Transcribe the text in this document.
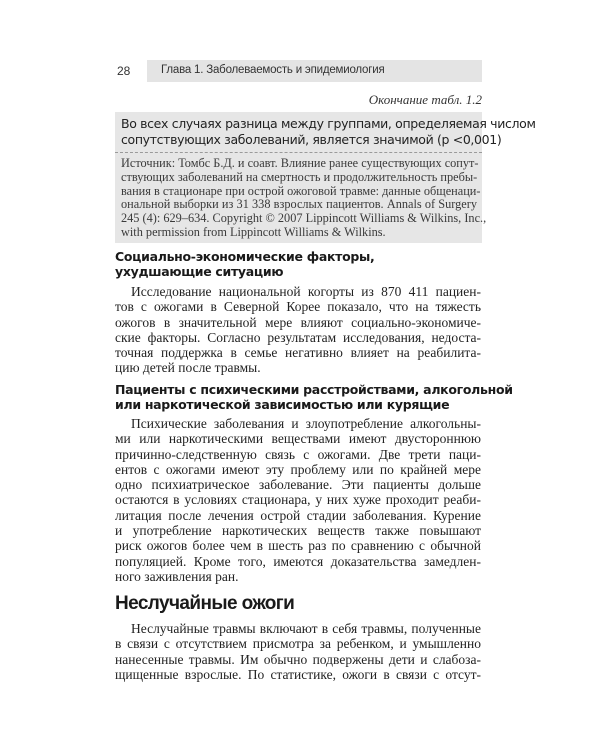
28	Глава 1. Заболеваемость и эпидемиология
Окончание табл. 1.2
Во всех случаях разница между группами, определяемая числом
сопутствующих заболеваний, является значимой (p <0,001)
Источник: Томбс Б.Д. и соавт. Влияние ранее существующих сопут-
ствующих заболеваний на смертность и продолжительность пребы-
вания в стационаре при острой ожоговой травме: данные общенаци-
ональной выборки из 31 338 взрослых пациентов. Annals of Surgery
245 (4): 629–634. Copyright © 2007 Lippincott Williams & Wilkins, Inc.,
with permission from Lippincott Williams & Wilkins.
Социально-экономические факторы,
ухудшающие ситуацию
Исследование национальной когорты из 870 411 пациен-
тов с ожогами в Северной Корее показало, что на тяжесть
ожогов в значительной мере влияют социально-экономиче-
ские факторы. Согласно результатам исследования, недоста-
точная поддержка в семье негативно влияет на реабилита-
цию детей после травмы.
Пациенты с психическими расстройствами, алкогольной
или наркотической зависимостью или курящие
Психические заболевания и злоупотребление алкогольны-
ми или наркотическими веществами имеют двустороннюю
причинно-следственную связь с ожогами. Две трети паци-
ентов с ожогами имеют эту проблему или по крайней мере
одно психиатрическое заболевание. Эти пациенты дольше
остаются в условиях стационара, у них хуже проходит реаби-
литация после лечения острой стадии заболевания. Курение
и употребление наркотических веществ также повышают
риск ожогов более чем в шесть раз по сравнению с обычной
популяцией. Кроме того, имеются доказательства замедлен-
ного заживления ран.
Неслучайные ожоги
Неслучайные травмы включают в себя травмы, полученные
в связи с отсутствием присмотра за ребенком, и умышленно
нанесенные травмы. Им обычно подвержены дети и слабоза-
щищенные взрослые. По статистике, ожоги в связи с отсут-
